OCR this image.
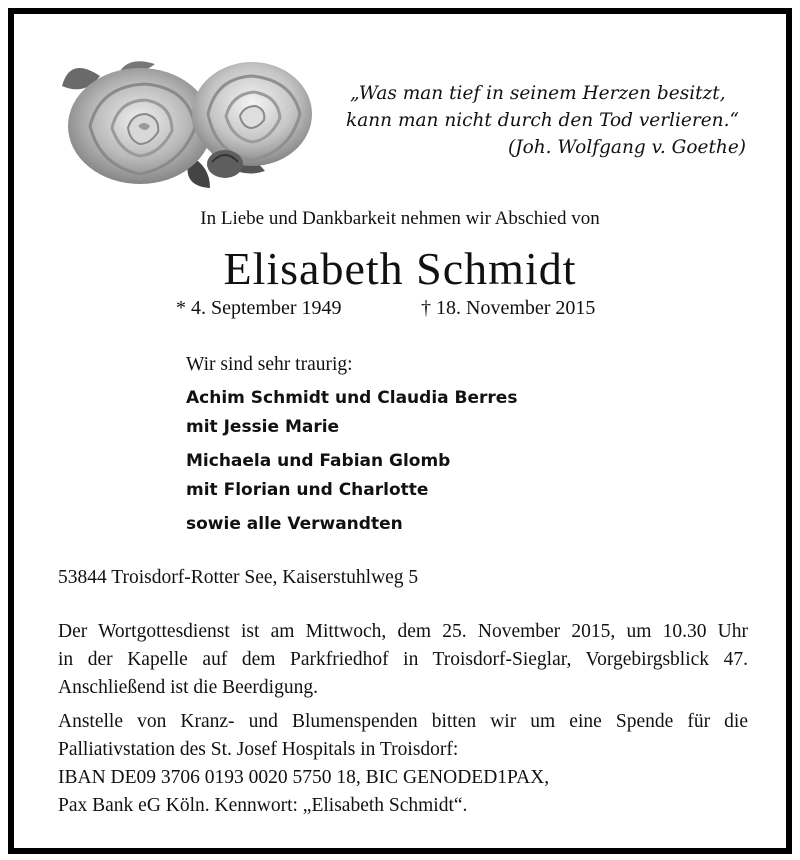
„Was man tief in seinem Herzen besitzt,
kann man nicht durch den Tod verlieren.“
(Joh. Wolfgang v. Goethe)
In Liebe und Dankbarkeit nehmen wir Abschied von
Elisabeth Schmidt
* 4. September 1949	† 18. November 2015
Wir sind sehr traurig:
Achim Schmidt und Claudia Berres
mit Jessie Marie
Michaela und Fabian Glomb
mit Florian und Charlotte
sowie alle Verwandten
53844 Troisdorf-Rotter See, Kaiserstuhlweg 5
Der Wortgottesdienst ist am Mittwoch, dem 25. November 2015, um 10.30 Uhr
in der Kapelle auf dem Parkfriedhof in Troisdorf-Sieglar, Vorgebirgsblick 47.
Anschließend ist die Beerdigung.
Anstelle von Kranz- und Blumenspenden bitten wir um eine Spende für die
Palliativstation des St. Josef Hospitals in Troisdorf:
IBAN DE09 3706 0193 0020 5750 18, BIC GENODED1PAX,
Pax Bank eG Köln. Kennwort: „Elisabeth Schmidt“.
